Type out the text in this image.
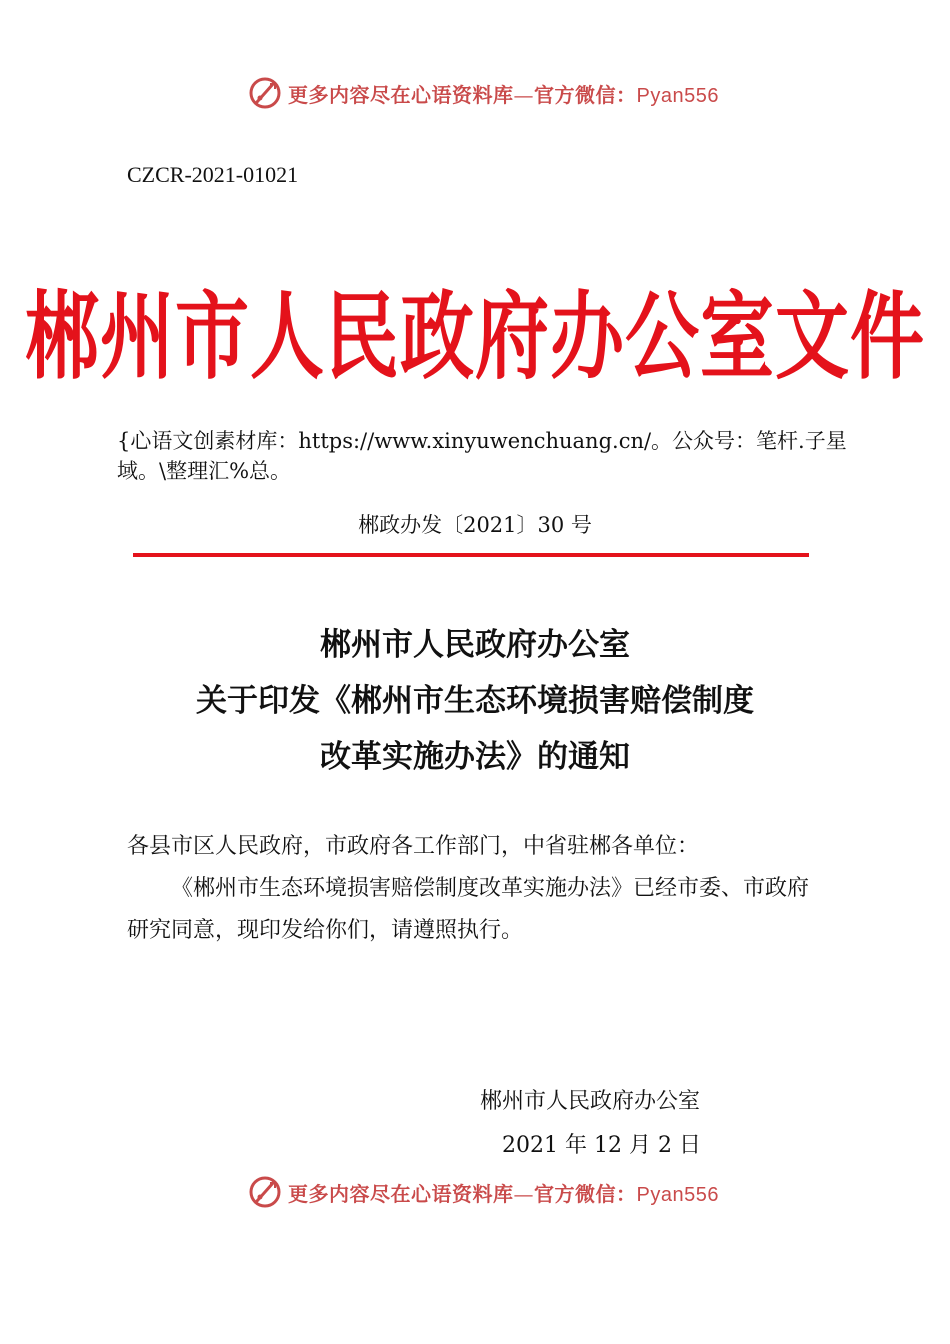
更多内容尽在心语资料库—官方微信：Pyan556
CZCR-2021-01021
郴州市人民政府办公室文件
{心语文创素材库：https://www.xinyuwenchuang.cn/。公众号：笔杆.子星域。\整理汇%总。
郴政办发〔2021〕30 号
郴州市人民政府办公室
关于印发《郴州市生态环境损害赔偿制度
改革实施办法》的通知
各县市区人民政府，市政府各工作部门，中省驻郴各单位：
《郴州市生态环境损害赔偿制度改革实施办法》已经市委、市政府研究同意，现印发给你们，请遵照执行。
郴州市人民政府办公室
2021 年 12 月 2 日
更多内容尽在心语资料库—官方微信：Pyan556
